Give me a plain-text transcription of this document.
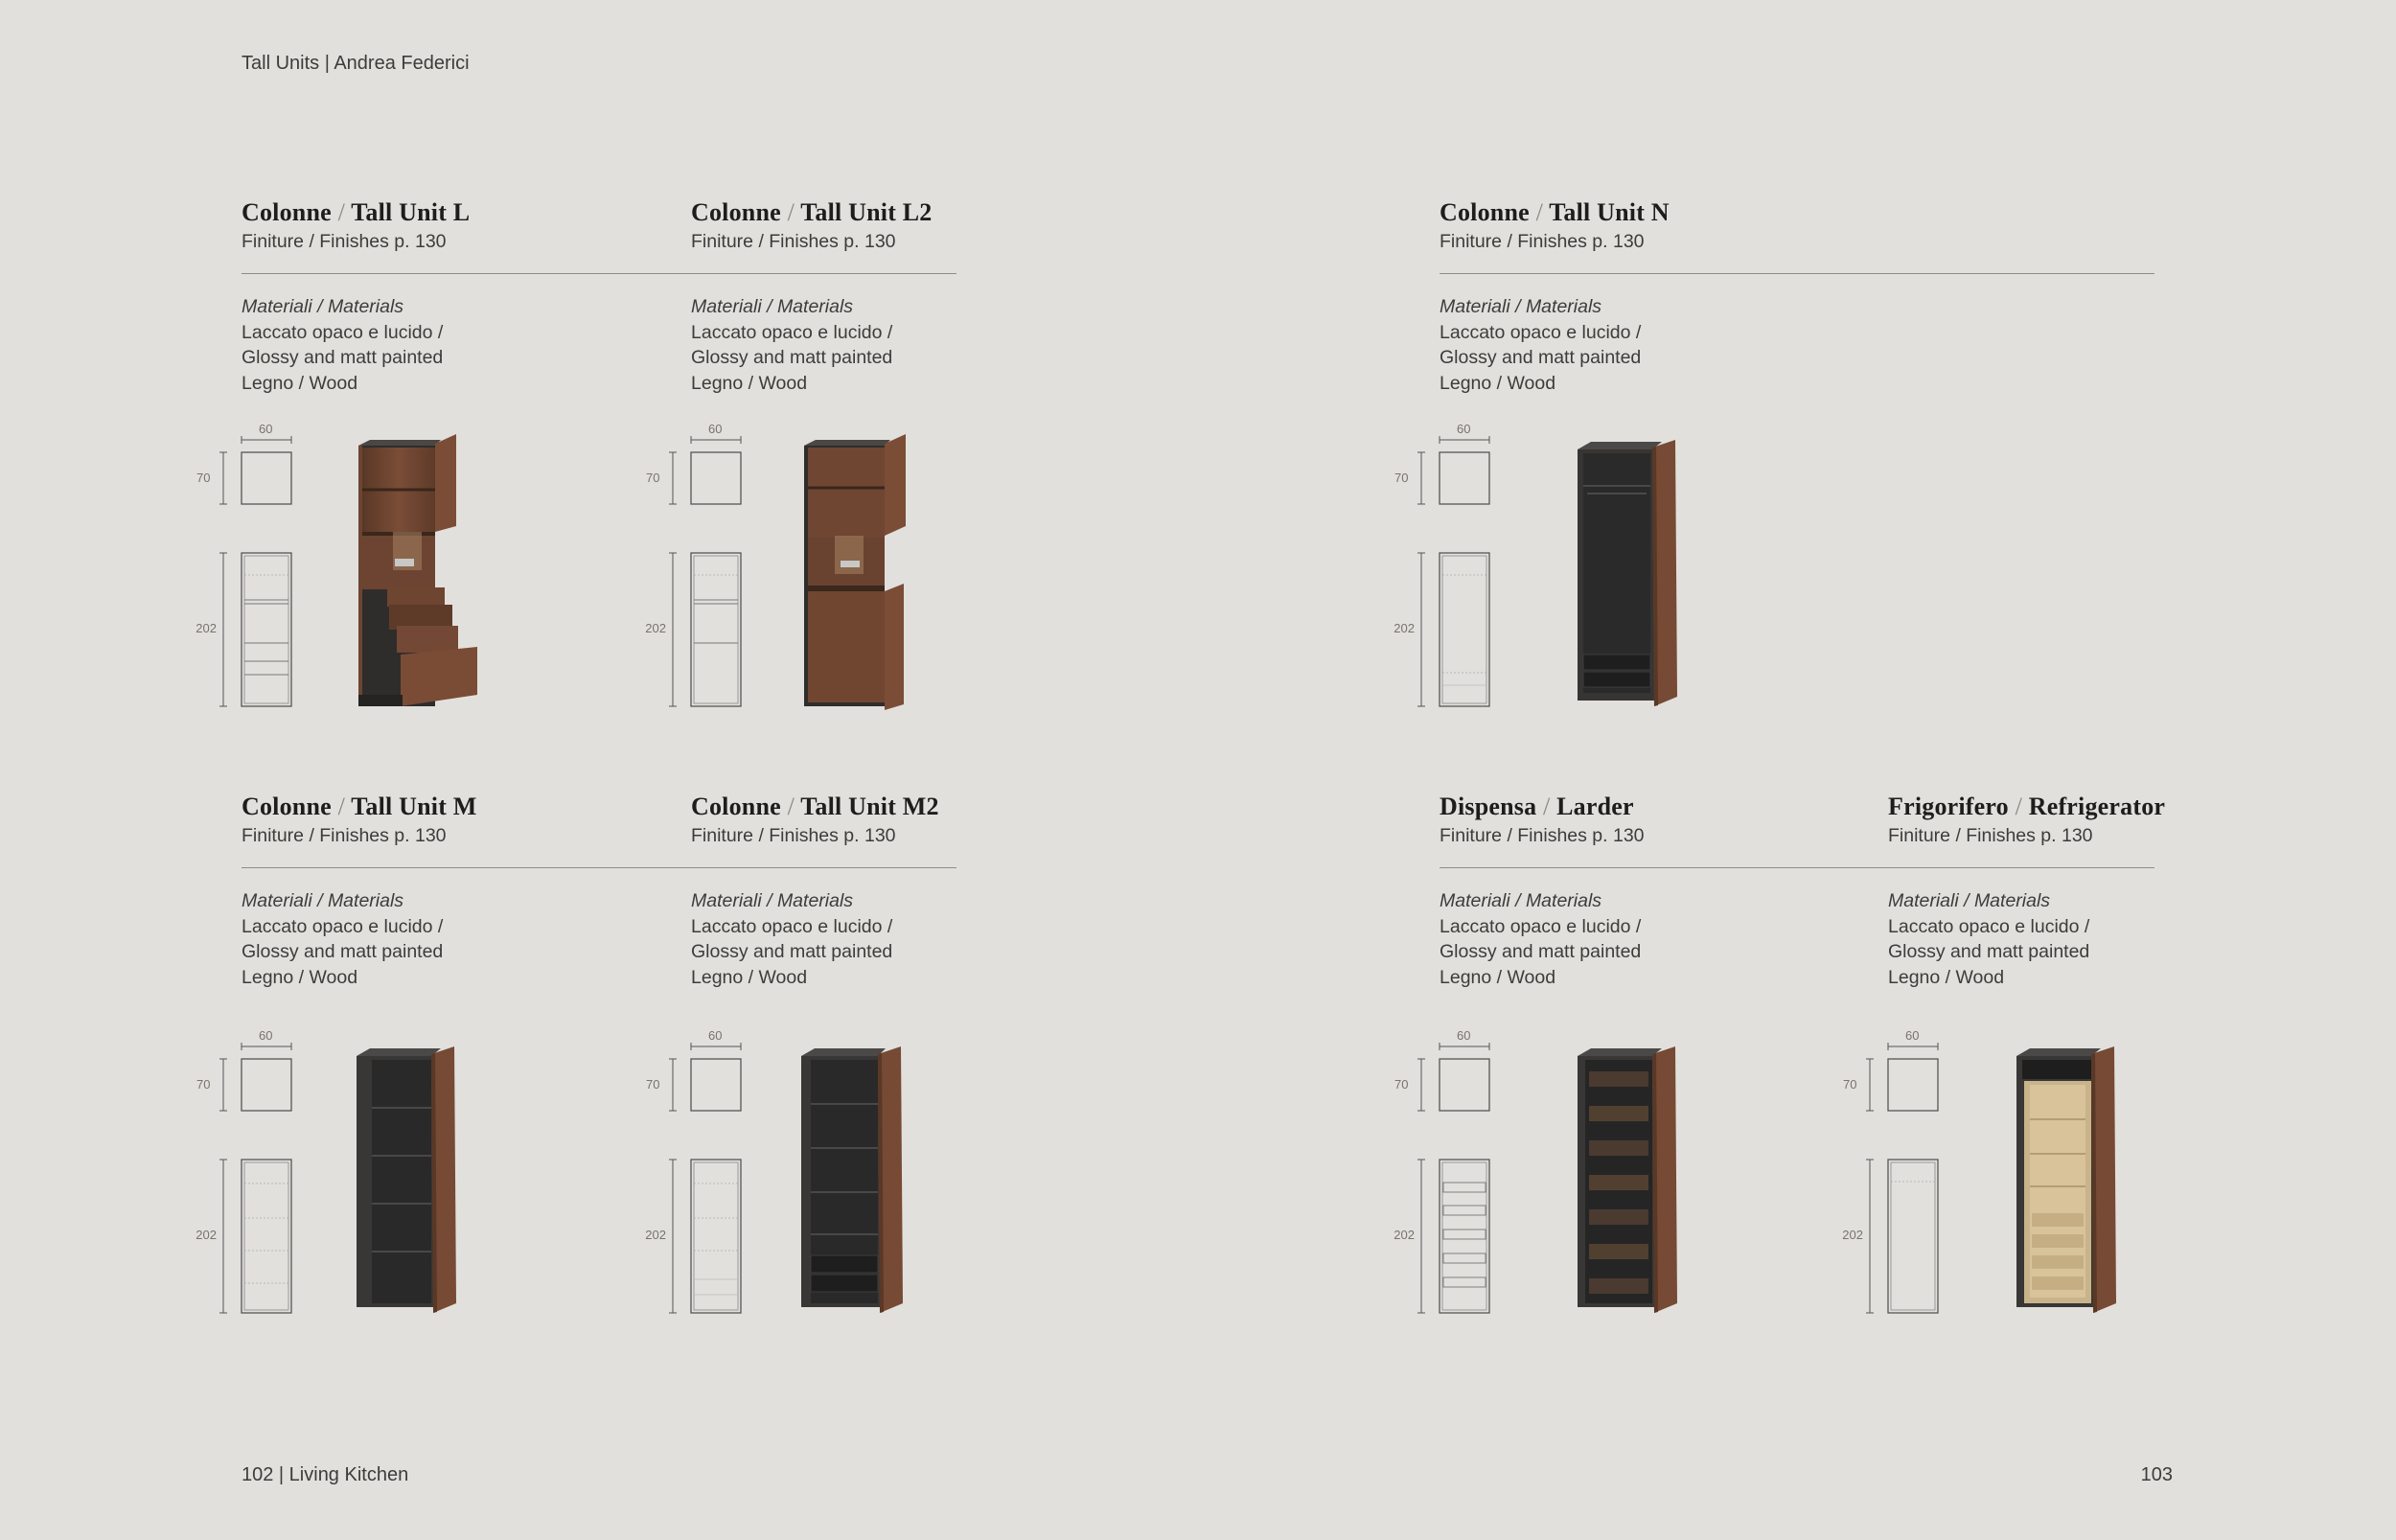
Tall Units | Andrea Federici
Colonne / Tall Unit L
Finiture / Finishes p. 130
Colonne / Tall Unit L2
Finiture / Finishes p. 130
Colonne / Tall Unit N
Finiture / Finishes p. 130
Colonne / Tall Unit M
Finiture / Finishes p. 130
Colonne / Tall Unit M2
Finiture / Finishes p. 130
Dispensa / Larder
Finiture / Finishes p. 130
Frigorifero / Refrigerator
Finiture / Finishes p. 130
Materiali / Materials
Laccato opaco e lucido /
Glossy and matt painted
Legno / Wood
Materiali / Materials
Laccato opaco e lucido /
Glossy and matt painted
Legno / Wood
Materiali / Materials
Laccato opaco e lucido /
Glossy and matt painted
Legno / Wood
Materiali / Materials
Laccato opaco e lucido /
Glossy and matt painted
Legno / Wood
Materiali / Materials
Laccato opaco e lucido /
Glossy and matt painted
Legno / Wood
Materiali / Materials
Laccato opaco e lucido /
Glossy and matt painted
Legno / Wood
Materiali / Materials
Laccato opaco e lucido /
Glossy and matt painted
Legno / Wood
60
70
202
60
70
202
60
70
202
60
70
202
60
70
202
60
70
202
60
70
202
102 | Living Kitchen	103
